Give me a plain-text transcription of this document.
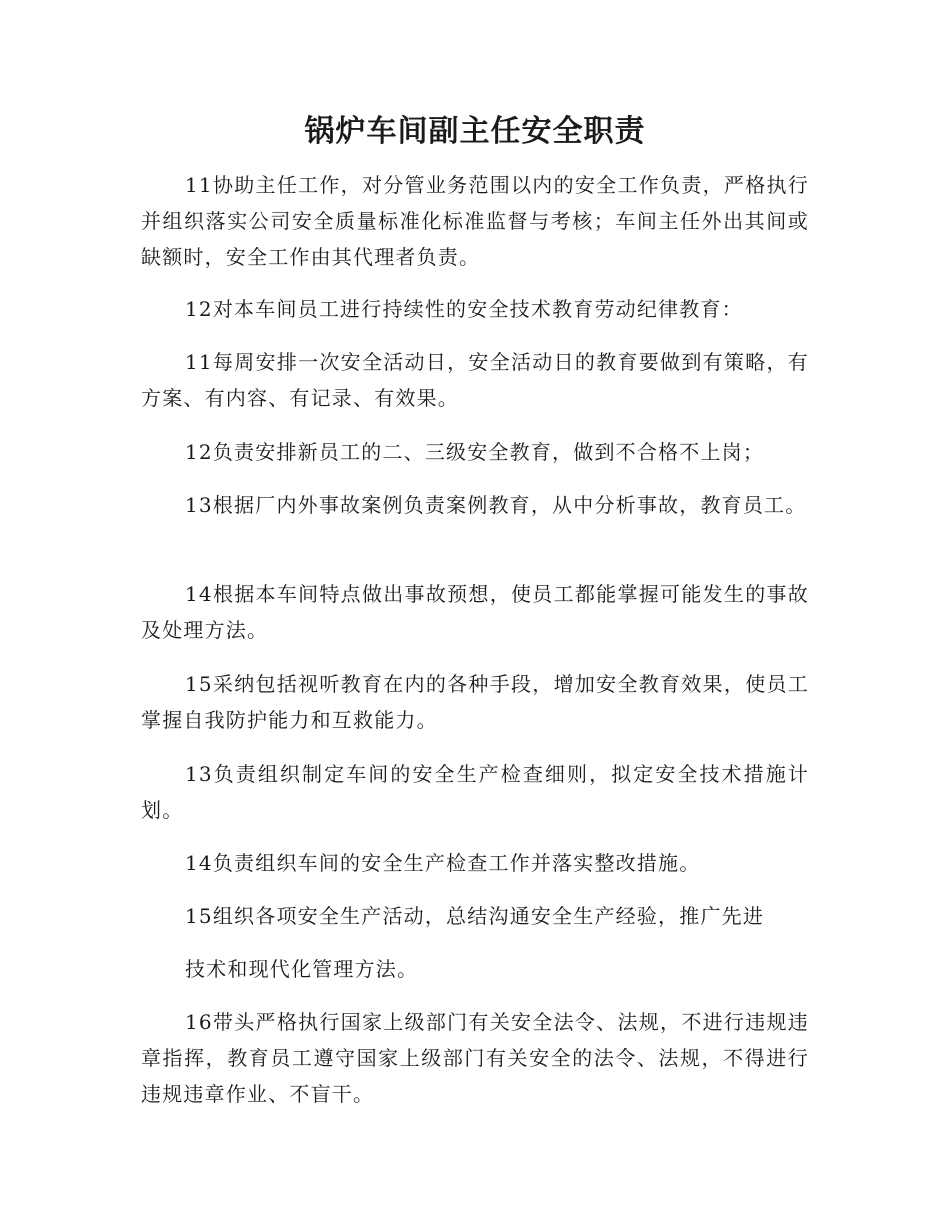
锅炉车间副主任安全职责

11协助主任工作，对分管业务范围以内的安全工作负责，严格执行并组织落实公司安全质量标准化标准监督与考核；车间主任外出其间或缺额时，安全工作由其代理者负责。

12对本车间员工进行持续性的安全技术教育劳动纪律教育：

11每周安排一次安全活动日，安全活动日的教育要做到有策略，有方案、有内容、有记录、有效果。

12负责安排新员工的二、三级安全教育，做到不合格不上岗；

13根据厂内外事故案例负责案例教育，从中分析事故，教育员工。

14根据本车间特点做出事故预想，使员工都能掌握可能发生的事故及处理方法。

15采纳包括视听教育在内的各种手段，增加安全教育效果，使员工掌握自我防护能力和互救能力。

13负责组织制定车间的安全生产检查细则，拟定安全技术措施计划。

14负责组织车间的安全生产检查工作并落实整改措施。

15组织各项安全生产活动，总结沟通安全生产经验，推广先进

技术和现代化管理方法。

16带头严格执行国家上级部门有关安全法令、法规，不进行违规违章指挥，教育员工遵守国家上级部门有关安全的法令、法规，不得进行违规违章作业、不盲干。
